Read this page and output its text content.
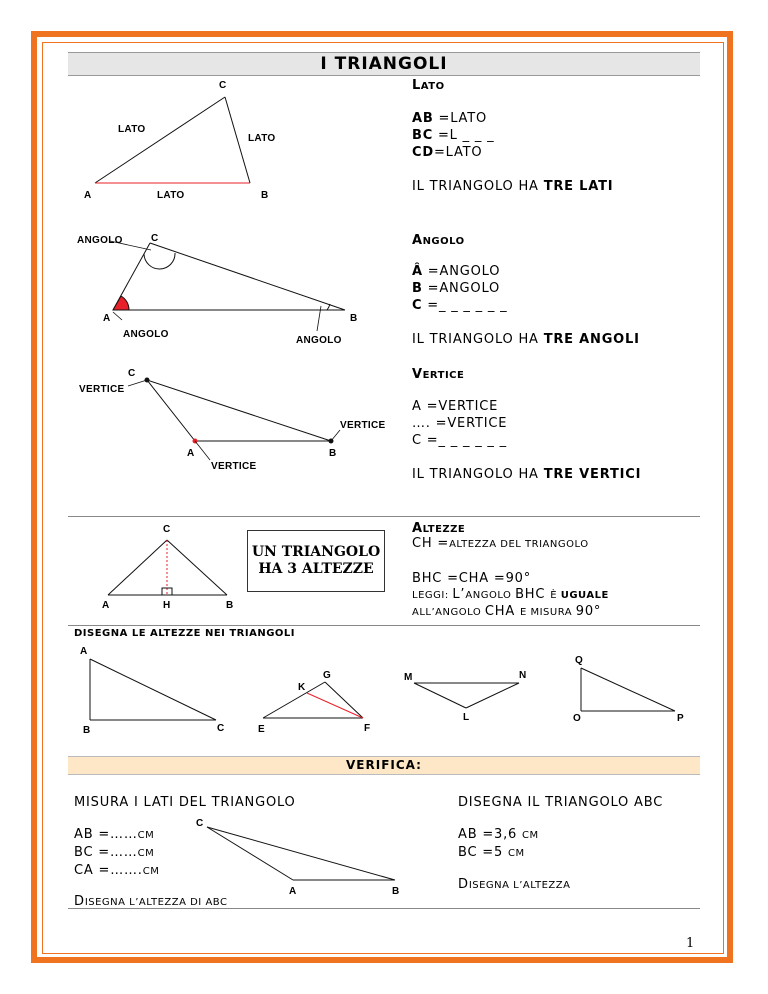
I TRIANGOLI
C
LATO
LATO
A	LATO	B
LATO
AB =LATO
BC =L _ _ _
CD=LATO
IL TRIANGOLO HA TRE LATI
ANGOLO	C
A	B
ANGOLO
ANGOLO
ANGOLO
Â =ANGOLO
B =ANGOLO
C =_ _ _ _ _ _
IL TRIANGOLO HA TRE ANGOLI
C
VERTICE
VERTICE
A	B
VERTICE
VERTICE
A =VERTICE
…. =VERTICE
C =_ _ _ _ _ _
IL TRIANGOLO HA TRE VERTICI
C
A	H	B
UN TRIANGOLO
HA 3 ALTEZZE
ALTEZZE
CH =ALTEZZA DEL TRIANGOLO
BHC =CHA =90°
LEGGI: L’ANGOLO BHC È UGUALE
ALL’ANGOLO CHA E MISURA 90°
DISEGNA LE ALTEZZE NEI TRIANGOLI
A
B	C
G
K
E	F
M	N
L
Q
O	P
VERIFICA:
MISURA I LATI DEL TRIANGOLO
AB =……CM
BC =……CM
CA =…….CM
DISEGNA L’ALTEZZA DI ABC
C
A	B
DISEGNA IL TRIANGOLO ABC
AB =3,6 CM
BC =5 CM
DISEGNA L’ALTEZZA
1
